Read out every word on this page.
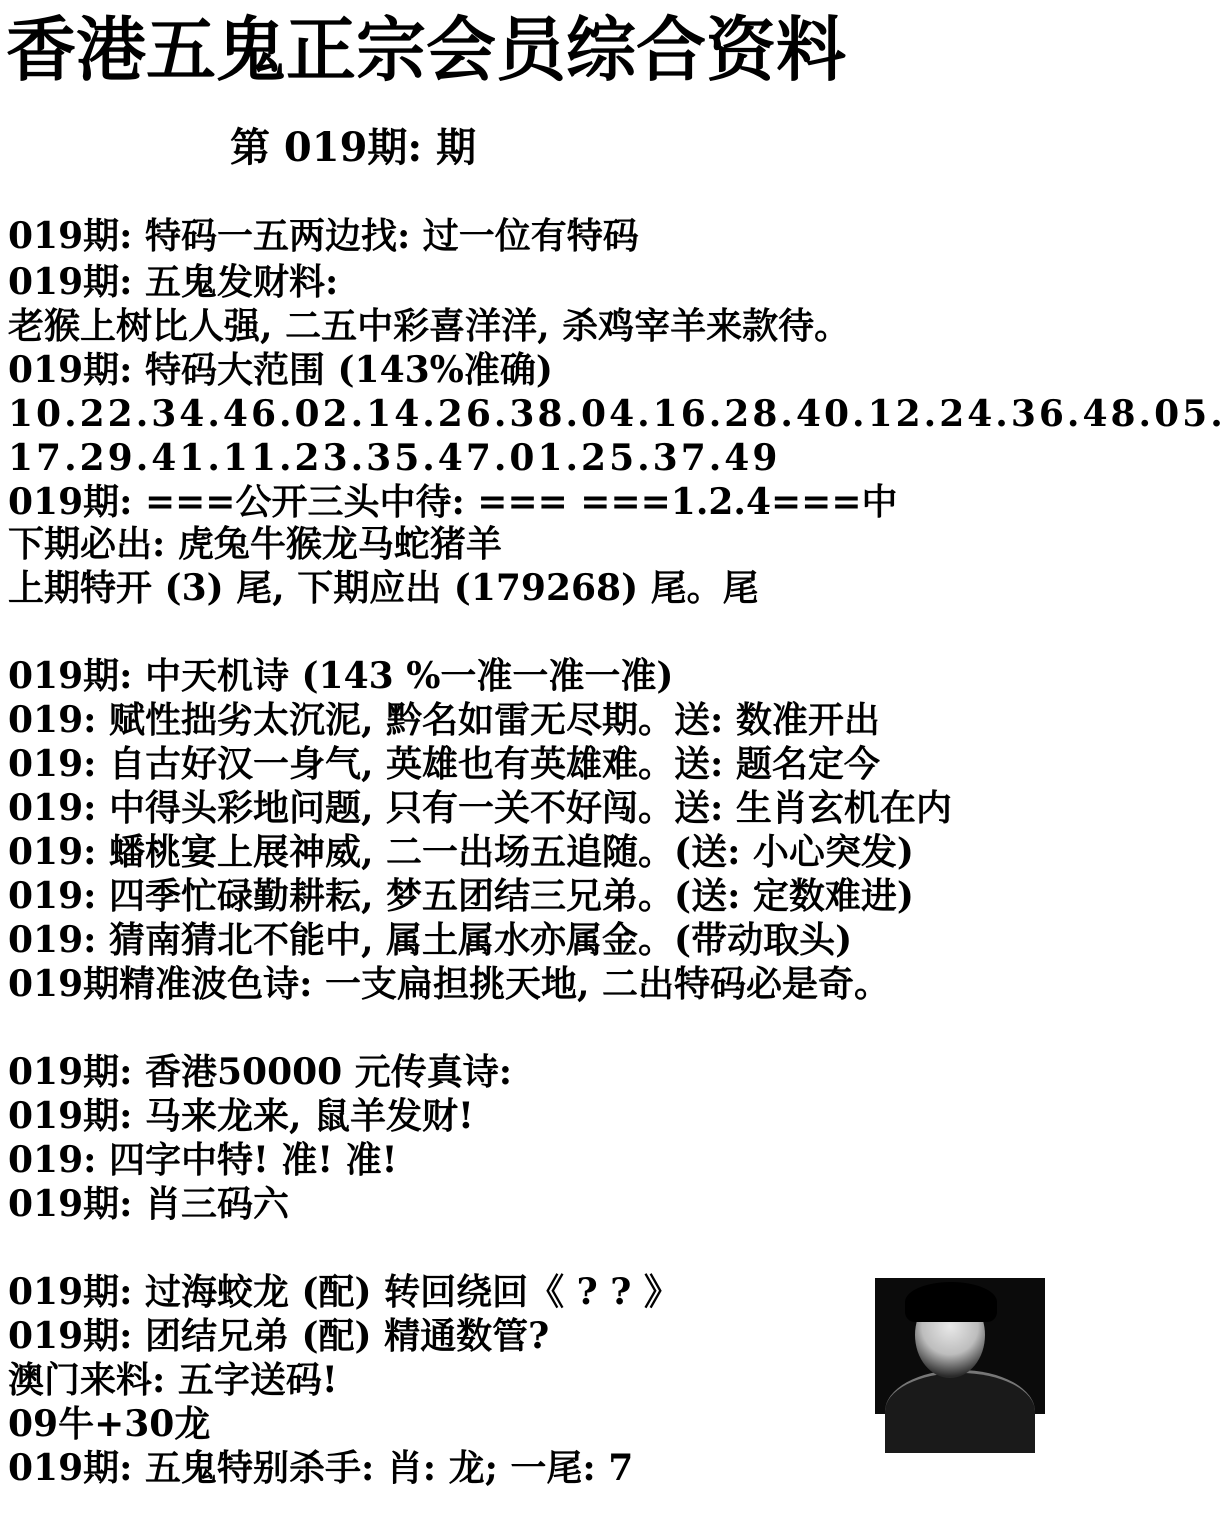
香港五鬼正宗会员综合资料
第 019期: 期
019期: 特码一五两边找: 过一位有特码
019期: 五鬼发财料:
老猴上树比人强, 二五中彩喜洋洋, 杀鸡宰羊来款待。
019期: 特码大范围 (143%准确)
10.22.34.46.02.14.26.38.04.16.28.40.12.24.36.48.05.
17.29.41.11.23.35.47.01.25.37.49
019期: ===公开三头中待: === ===1.2.4===中
下期必出: 虎兔牛猴龙马蛇猪羊
上期特开 (3) 尾, 下期应出 (179268) 尾。尾
019期: 中天机诗 (143 %一准一准一准)
019: 赋性拙劣太沉泥, 黔名如雷无尽期。送: 数准开出
019: 自古好汉一身气, 英雄也有英雄难。送: 题名定今
019: 中得头彩地问题, 只有一关不好闯。送: 生肖玄机在内
019: 蟠桃宴上展神威, 二一出场五追随。(送: 小心突发)
019: 四季忙碌勤耕耘, 梦五团结三兄弟。(送: 定数难进)
019: 猜南猜北不能中, 属土属水亦属金。(带动取头)
019期精准波色诗: 一支扁担挑天地, 二出特码必是奇。
019期: 香港50000 元传真诗:
019期: 马来龙来, 鼠羊发财!
019: 四字中特! 准! 准!
019期: 肖三码六
019期: 过海蛟龙 (配) 转回绕回《 ? ? 》
019期: 团结兄弟 (配) 精通数管?
澳门来料: 五字送码!
09牛+30龙
019期: 五鬼特别杀手: 肖: 龙; 一尾: 7
